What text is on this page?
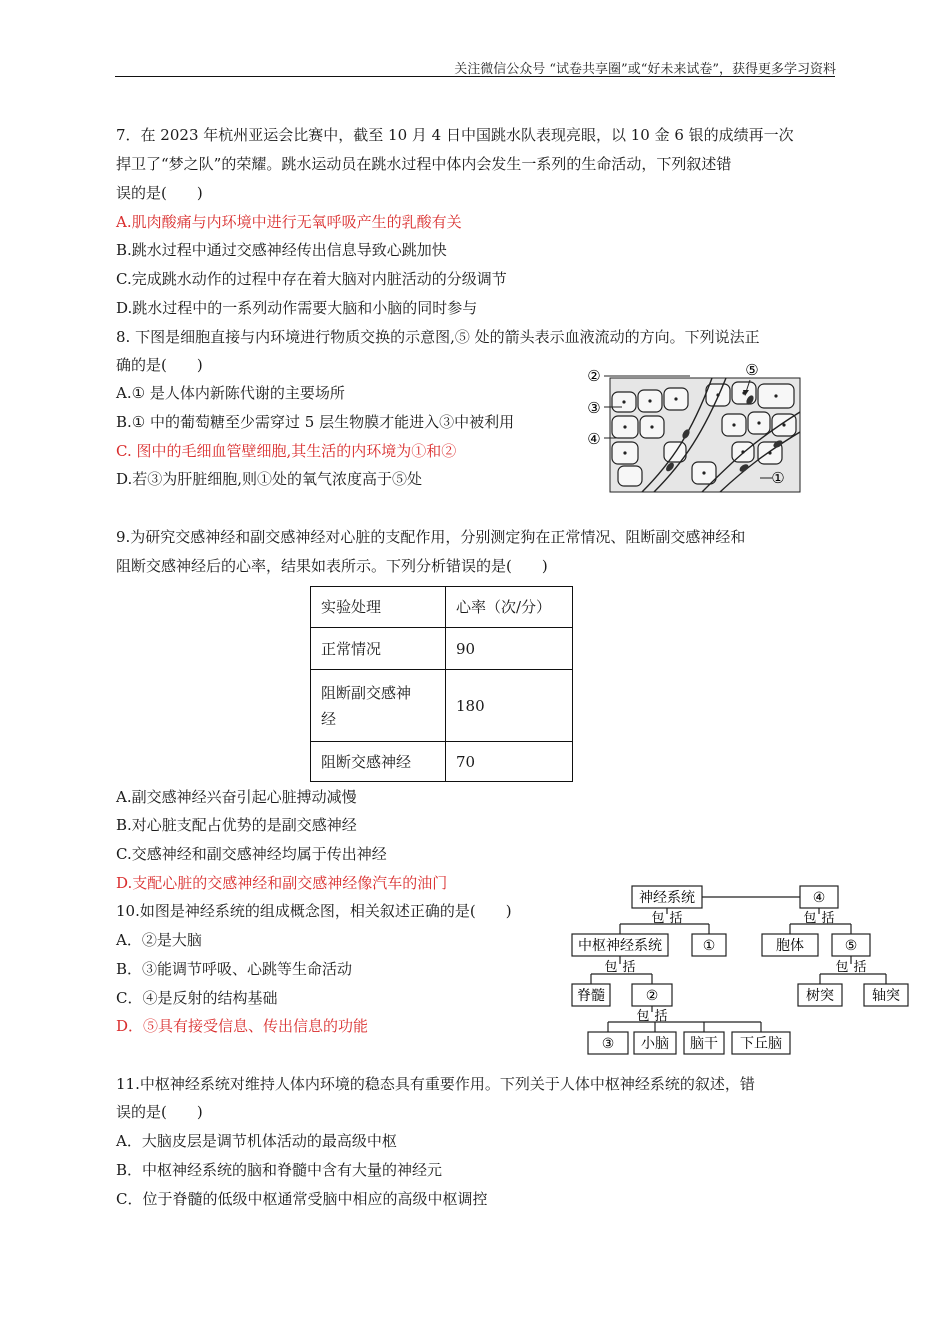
关注微信公众号 “试卷共享圈”或“好未来试卷”，获得更多学习资料
7．在 2023 年杭州亚运会比赛中，截至 10 月 4 日中国跳水队表现亮眼，以 10 金 6 银的成绩再一次
捍卫了“梦之队”的荣耀。跳水运动员在跳水过程中体内会发生一系列的生命活动，下列叙述错
误的是(　　)
A.肌肉酸痛与内环境中进行无氧呼吸产生的乳酸有关
B.跳水过程中通过交感神经传出信息导致心跳加快
C.完成跳水动作的过程中存在着大脑对内脏活动的分级调节
D.跳水过程中的一系列动作需要大脑和小脑的同时参与
8. 下图是细胞直接与内环境进行物质交换的示意图,⑤ 处的箭头表示血液流动的方向。下列说法正
确的是(　　)
A.① 是人体内新陈代谢的主要场所
B.① 中的葡萄糖至少需穿过 5 层生物膜才能进入③中被利用
C. 图中的毛细血管壁细胞,其生活的内环境为①和②
D.若③为肝脏细胞,则①处的氧气浓度高于⑤处
②
③
④
⑤
①
9.为研究交感神经和副交感神经对心脏的支配作用，分别测定狗在正常情况、阻断副交感神经和
阻断交感神经后的心率，结果如表所示。下列分析错误的是(　　)
实验处理	心率（次/分）
正常情况	90
阻断副交感神
经	180
阻断交感神经	70
A.副交感神经兴奋引起心脏搏动减慢
B.对心脏支配占优势的是副交感神经
C.交感神经和副交感神经均属于传出神经
D.支配心脏的交感神经和副交感神经像汽车的油门
10.如图是神经系统的组成概念图，相关叙述正确的是(　　)
A．②是大脑
B．③能调节呼吸、心跳等生命活动
C．④是反射的结构基础
D．⑤具有接受信息、传出信息的功能
神经系统	④
包 括	包 括
中枢神经系统	①	胞体	⑤
包 括	包 括
脊髓	②	树突	轴突
包 括
③ 小脑 脑干 下丘脑
11.中枢神经系统对维持人体内环境的稳态具有重要作用。下列关于人体中枢神经系统的叙述，错
误的是(　　)
A．大脑皮层是调节机体活动的最高级中枢
B．中枢神经系统的脑和脊髓中含有大量的神经元
C．位于脊髓的低级中枢通常受脑中相应的高级中枢调控
